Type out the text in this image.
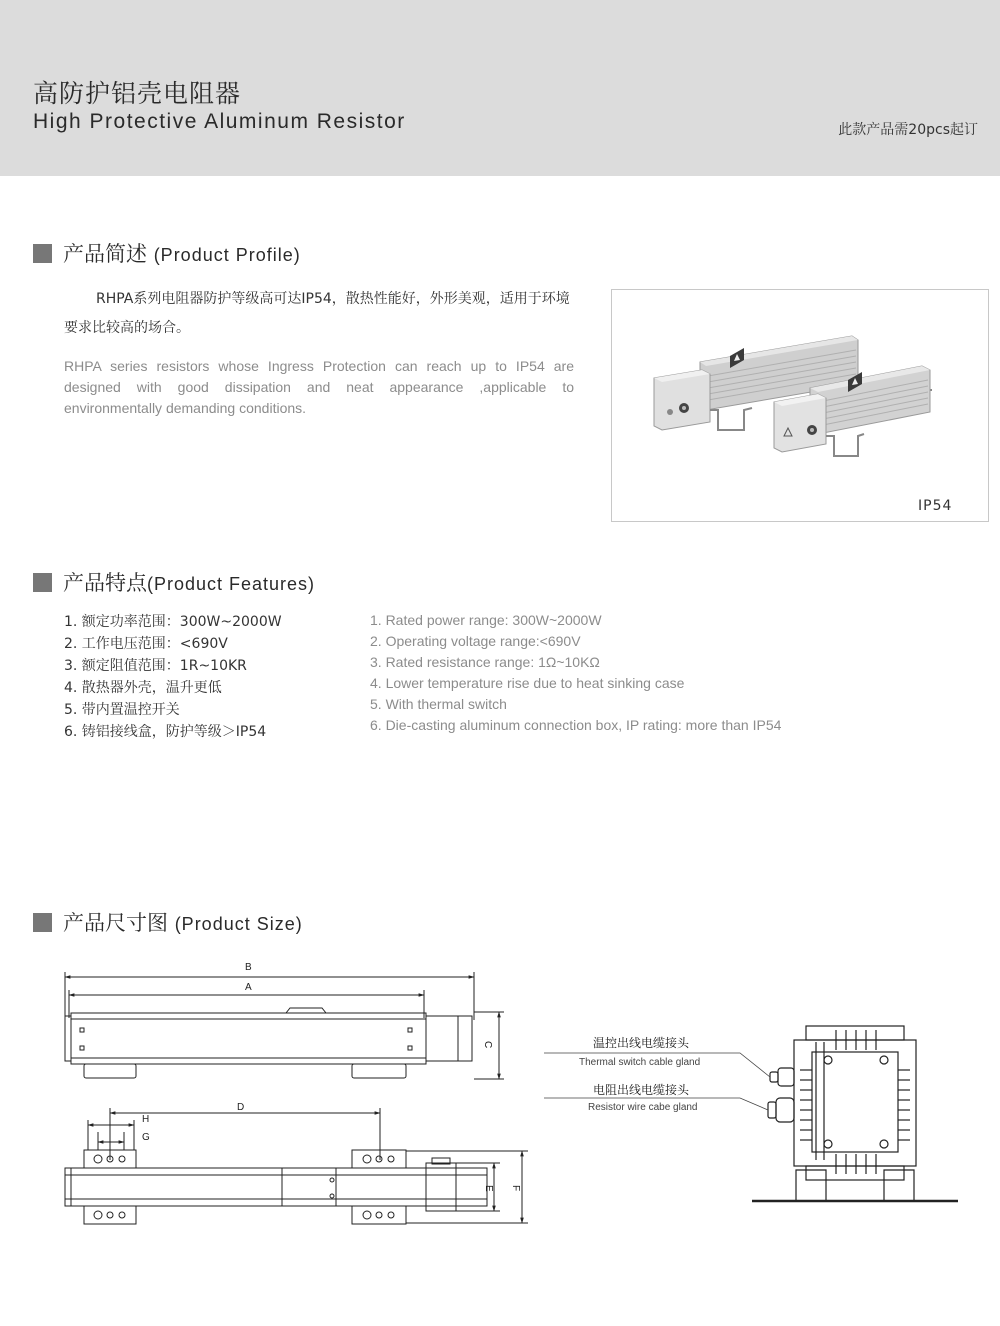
高防护铝壳电阻器
High Protective Aluminum Resistor	此款产品需20pcs起订
产品简述 (Product Profile)

RHPA系列电阻器防护等级高可达IP54，散热性能好，外形美观，适用于环境要求比较高的场合。

RHPA series resistors whose Ingress Protection can reach up to IP54 are designed with good dissipation and neat appearance ,applicable to environmentally demanding conditions.

IP54
产品特点(Product Features)
1. 额定功率范围：300W~2000W
2. 工作电压范围：<690V
3. 额定阻值范围：1R~10KR
4. 散热器外壳，温升更低
5. 带内置温控开关
6. 铸铝接线盒，防护等级＞IP54
1. Rated power range: 300W~2000W
2. Operating voltage range:<690V
3. Rated resistance range: 1Ω~10KΩ
4. Lower temperature rise due to heat sinking case
5. With thermal switch
6. Die-casting aluminum connection box, IP rating: more than IP54
产品尺寸图 (Product Size)
B
A
C
D
H
G
E F
温控出线电缆接头
Thermal switch cable gland
电阻出线电缆接头
Resistor wire cabe gland
